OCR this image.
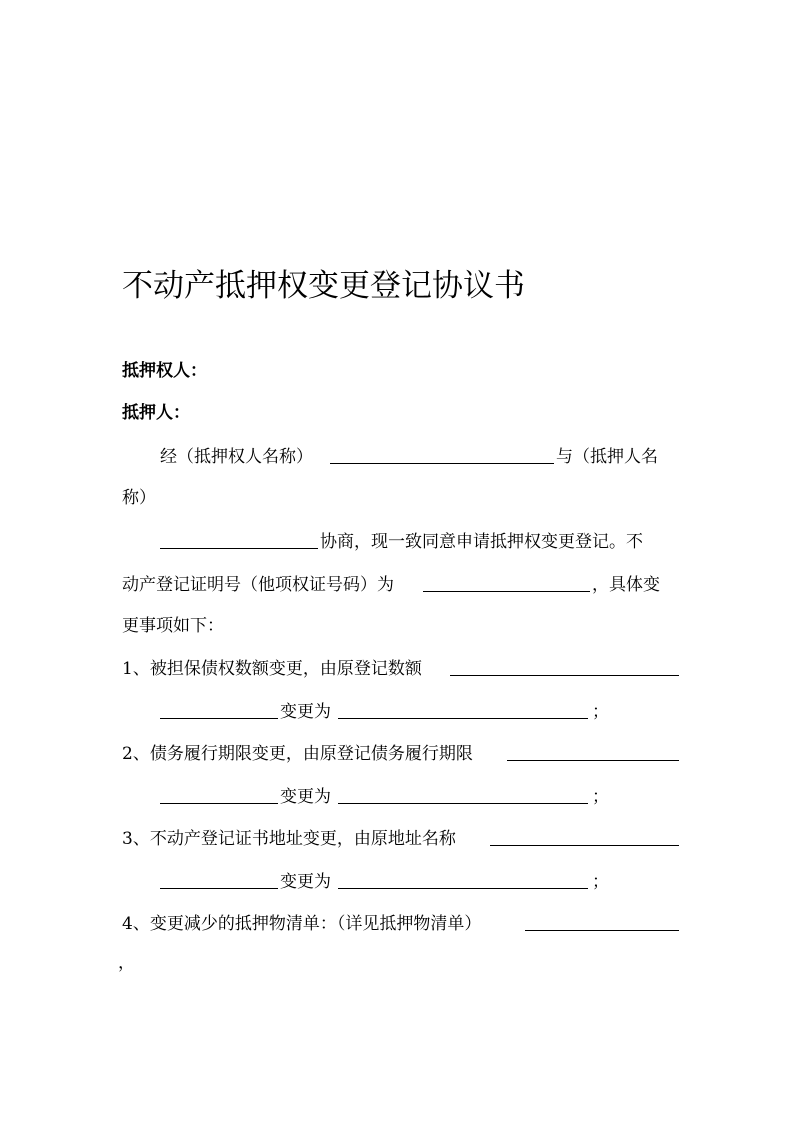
不动产抵押权变更登记协议书
抵押权人：
抵押人：
经（抵押权人名称）	与（抵押人名
称）
协商，现一致同意申请抵押权变更登记。不
动产登记证明号（他项权证号码）为	，具体变
更事项如下：
1、被担保债权数额变更，由原登记数额
变更为	；
2、债务履行期限变更，由原登记债务履行期限
变更为	；
3、不动产登记证书地址变更，由原地址名称
变更为	；
4、变更减少的抵押物清单：（详见抵押物清单）
，
